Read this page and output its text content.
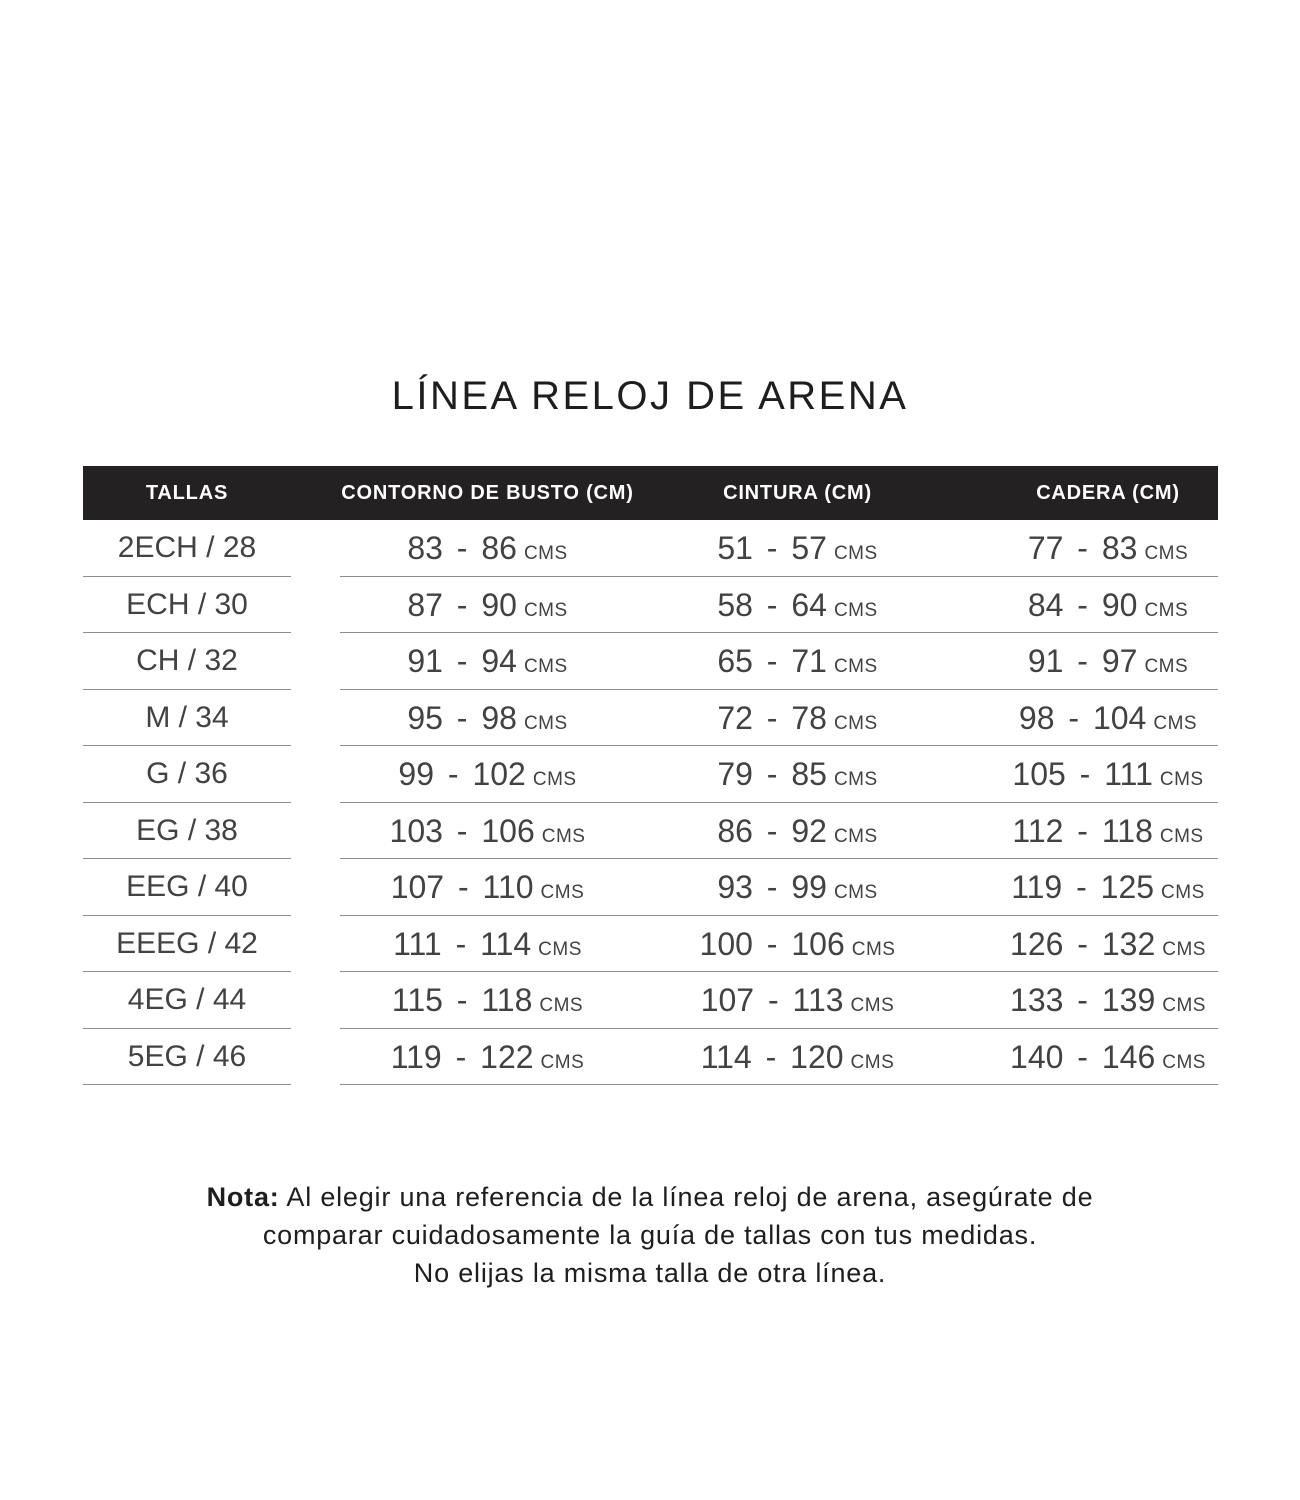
LÍNEA RELOJ DE ARENA
TALLAS	CONTORNO DE BUSTO (CM)	CINTURA (CM)	CADERA (CM)
2ECH / 28	83 - 86 CMS	51 - 57 CMS	77 - 83 CMS
ECH / 30	87 - 90 CMS	58 - 64 CMS	84 - 90 CMS
CH / 32	91 - 94 CMS	65 - 71 CMS	91 - 97 CMS
M / 34	95 - 98 CMS	72 - 78 CMS	98 - 104 CMS
G / 36	99 - 102 CMS	79 - 85 CMS	105 - 111 CMS
EG / 38	103 - 106 CMS	86 - 92 CMS	112 - 118 CMS
EEG / 40	107 - 110 CMS	93 - 99 CMS	119 - 125 CMS
EEEG / 42	111 - 114 CMS	100 - 106 CMS	126 - 132 CMS
4EG / 44	115 - 118 CMS	107 - 113 CMS	133 - 139 CMS
5EG / 46	119 - 122 CMS	114 - 120 CMS	140 - 146 CMS
Nota: Al elegir una referencia de la línea reloj de arena, asegúrate de
comparar cuidadosamente la guía de tallas con tus medidas.
No elijas la misma talla de otra línea.
